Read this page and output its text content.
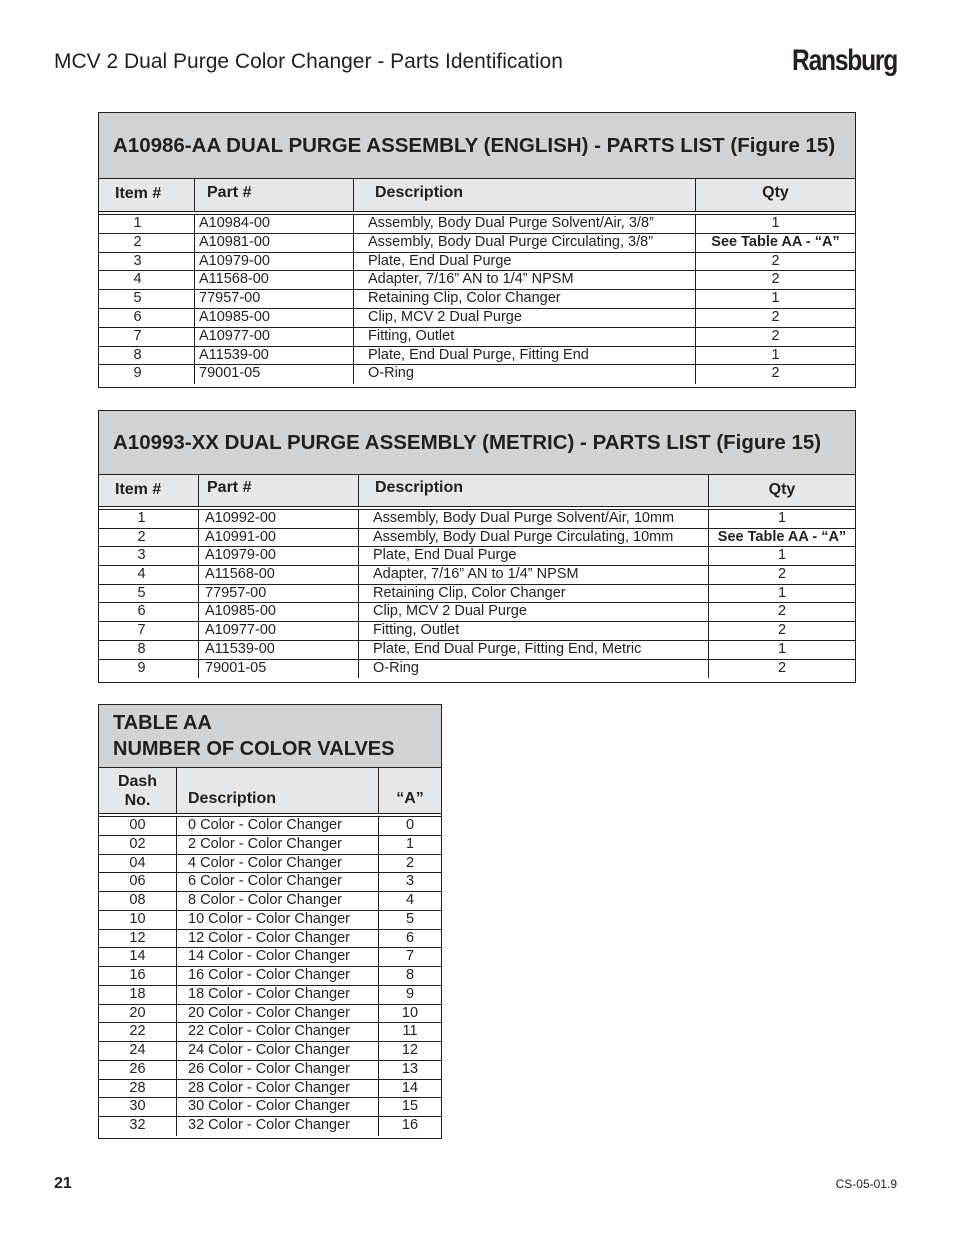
MCV 2 Dual Purge Color Changer - Parts Identification	Ransburg
A10986-AA DUAL PURGE ASSEMBLY (ENGLISH) - PARTS LIST (Figure 15)
Item #	Part #	Description	Qty
1	A10984-00	Assembly, Body Dual Purge Solvent/Air, 3/8”	1
2	A10981-00	Assembly, Body Dual Purge Circulating, 3/8”	See Table AA - “A”
3	A10979-00	Plate, End Dual Purge	2
4	A11568-00	Adapter, 7/16” AN to 1/4” NPSM	2
5	77957-00	Retaining Clip, Color Changer	1
6	A10985-00	Clip, MCV 2 Dual Purge	2
7	A10977-00	Fitting, Outlet	2
8	A11539-00	Plate, End Dual Purge, Fitting End	1
9	79001-05	O-Ring	2
A10993-XX DUAL PURGE ASSEMBLY (METRIC) - PARTS LIST (Figure 15)
Item #	Part #	Description	Qty
1	A10992-00	Assembly, Body Dual Purge Solvent/Air, 10mm	1
2	A10991-00	Assembly, Body Dual Purge Circulating, 10mm	See Table AA - “A”
3	A10979-00	Plate, End Dual Purge	1
4	A11568-00	Adapter, 7/16” AN to 1/4” NPSM	2
5	77957-00	Retaining Clip, Color Changer	1
6	A10985-00	Clip, MCV 2 Dual Purge	2
7	A10977-00	Fitting, Outlet	2
8	A11539-00	Plate, End Dual Purge, Fitting End, Metric	1
9	79001-05	O-Ring	2
TABLE AA
NUMBER OF COLOR VALVES
Dash No.	Description	“A”
00	0 Color - Color Changer	0
02	2 Color - Color Changer	1
04	4 Color - Color Changer	2
06	6 Color - Color Changer	3
08	8 Color - Color Changer	4
10	10 Color - Color Changer	5
12	12 Color - Color Changer	6
14	14 Color - Color Changer	7
16	16 Color - Color Changer	8
18	18 Color - Color Changer	9
20	20 Color - Color Changer	10
22	22 Color - Color Changer	11
24	24 Color - Color Changer	12
26	26 Color - Color Changer	13
28	28 Color - Color Changer	14
30	30 Color - Color Changer	15
32	32 Color - Color Changer	16
21	CS-05-01.9
